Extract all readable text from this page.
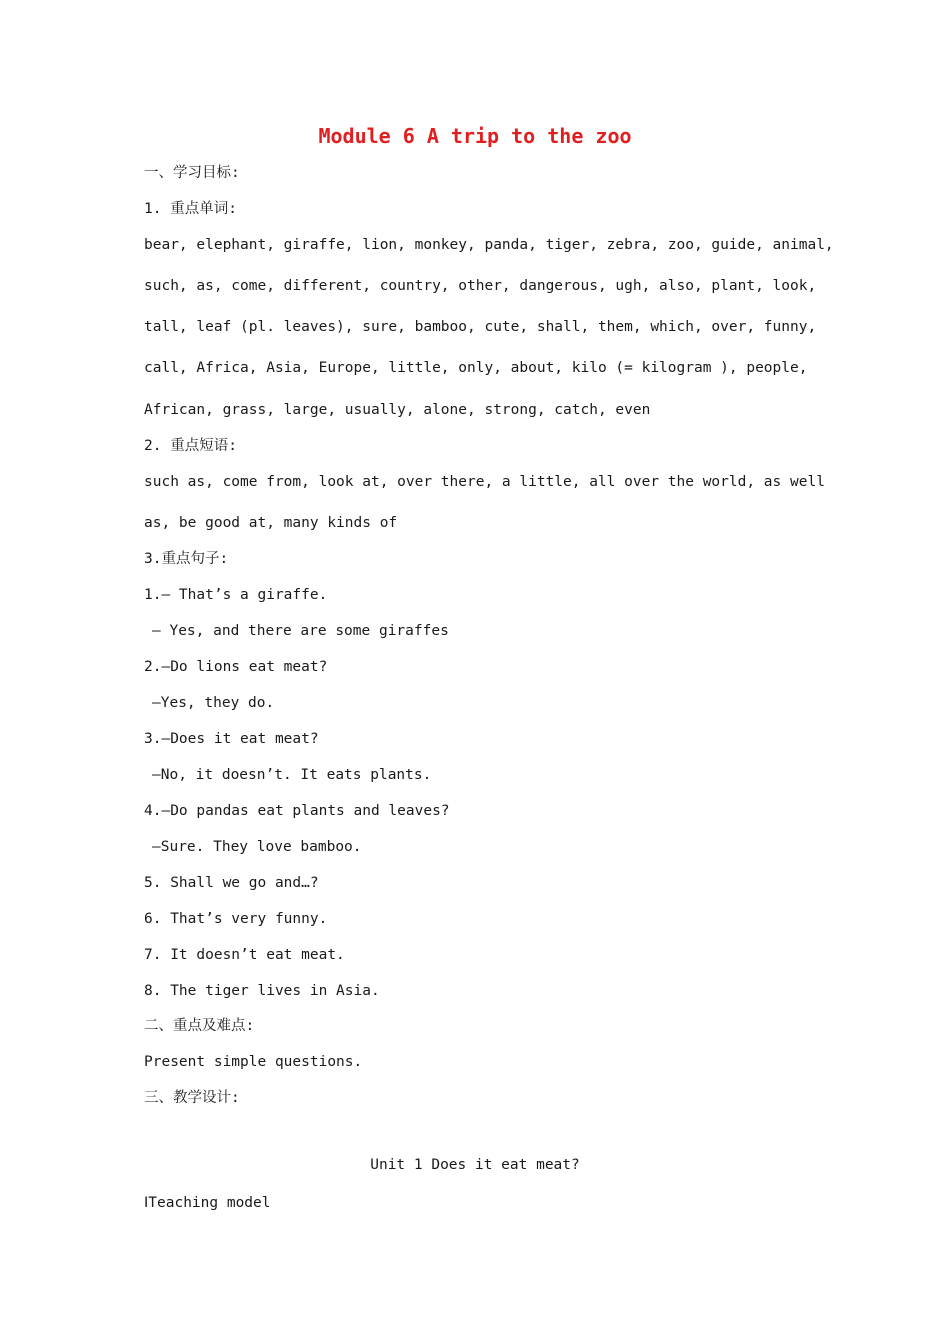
Module 6 A trip to the zoo
一、学习目标:
1. 重点单词:
bear, elephant, giraffe, lion, monkey, panda, tiger, zebra, zoo, guide, animal,
such, as, come, different, country, other, dangerous, ugh, also, plant, look,
tall, leaf (pl. leaves), sure, bamboo, cute, shall, them, which, over, funny,
call, Africa, Asia, Europe, little, only, about, kilo (= kilogram ), people,
African, grass, large, usually, alone, strong, catch, even
2. 重点短语:
such as, come from, look at, over there, a little, all over the world, as well
as, be good at, many kinds of
3.重点句子:
1.— That’s a giraffe.
— Yes, and there are some giraffes
2.—Do lions eat meat?
—Yes, they do.
3.—Does it eat meat?
—No, it doesn’t. It eats plants.
4.—Do pandas eat plants and leaves?
—Sure. They love bamboo.
5. Shall we go and…?
6. That’s very funny.
7. It doesn’t eat meat.
8. The tiger lives in Asia.
二、重点及难点:
Present simple questions.
三、教学设计:
Unit 1 Does it eat meat?
ⅠTeaching model
